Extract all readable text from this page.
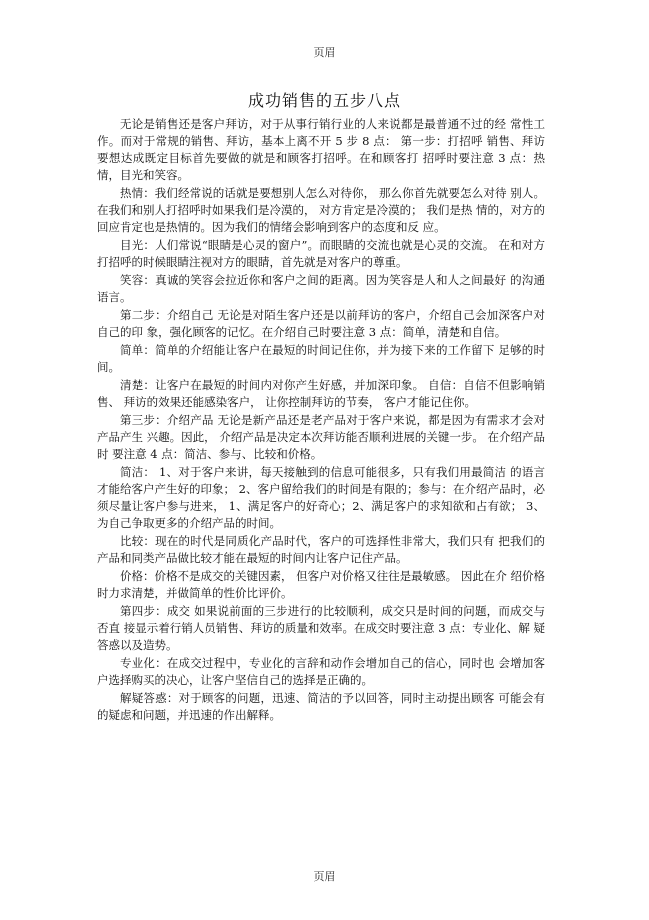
页眉
成功销售的五步八点

无论是销售还是客户拜访，对于从事行销行业的人来说都是最普通不过的经 常性工作。而对于常规的销售、拜访，基本上离不开 5 步 8 点： 第一步：打招呼 销售、拜访要想达成既定目标首先要做的就是和顾客打招呼。在和顾客打 招呼时要注意 3 点：热情，目光和笑容。

热情：我们经常说的话就是要想别人怎么对待你， 那么你首先就要怎么对待 别人。在我们和别人打招呼时如果我们是冷漠的， 对方肯定是冷漠的； 我们是热 情的，对方的回应肯定也是热情的。因为我们的情绪会影响到客户的态度和反 应。

目光：人们常说“眼睛是心灵的窗户”。而眼睛的交流也就是心灵的交流。 在和对方打招呼的时候眼睛注视对方的眼睛，首先就是对客户的尊重。

笑容：真诚的笑容会拉近你和客户之间的距离。因为笑容是人和人之间最好 的沟通语言。

第二步：介绍自己 无论是对陌生客户还是以前拜访的客户，介绍自己会加深客户对自己的印 象，强化顾客的记忆。在介绍自己时要注意 3 点：简单，清楚和自信。

简单：简单的介绍能让客户在最短的时间记住你，并为接下来的工作留下 足够的时间。

清楚：让客户在最短的时间内对你产生好感，并加深印象。 自信：自信不但影响销售、 拜访的效果还能感染客户， 让你控制拜访的节奏， 客户才能记住你。

第三步：介绍产品 无论是新产品还是老产品对于客户来说，都是因为有需求才会对产品产生 兴趣。因此， 介绍产品是决定本次拜访能否顺利进展的关键一步。 在介绍产品时 要注意 4 点：简洁、参与、比较和价格。

简洁： 1、对于客户来讲，每天接触到的信息可能很多，只有我们用最简洁 的语言才能给客户产生好的印象； 2、客户留给我们的时间是有限的；参与：在介绍产品时，必须尽量让客户参与进来， 1、满足客户的好奇心；2、满足客户的求知欲和占有欲； 3、为自己争取更多的介绍产品的时间。

比较：现在的时代是同质化产品时代，客户的可选择性非常大，我们只有 把我们的产品和同类产品做比较才能在最短的时间内让客户记住产品。

价格：价格不是成交的关键因素， 但客户对价格又往往是最敏感。 因此在介 绍价格时力求清楚，并做简单的性价比评价。

第四步：成交 如果说前面的三步进行的比较顺利，成交只是时间的问题，而成交与否直 接显示着行销人员销售、拜访的质量和效率。在成交时要注意 3 点：专业化、解 疑答惑以及造势。

专业化：在成交过程中，专业化的言辞和动作会增加自己的信心，同时也 会增加客户选择购买的决心，让客户坚信自己的选择是正确的。

解疑答惑：对于顾客的问题，迅速、简洁的予以回答，同时主动提出顾客 可能会有的疑虑和问题，并迅速的作出解释。

页眉
